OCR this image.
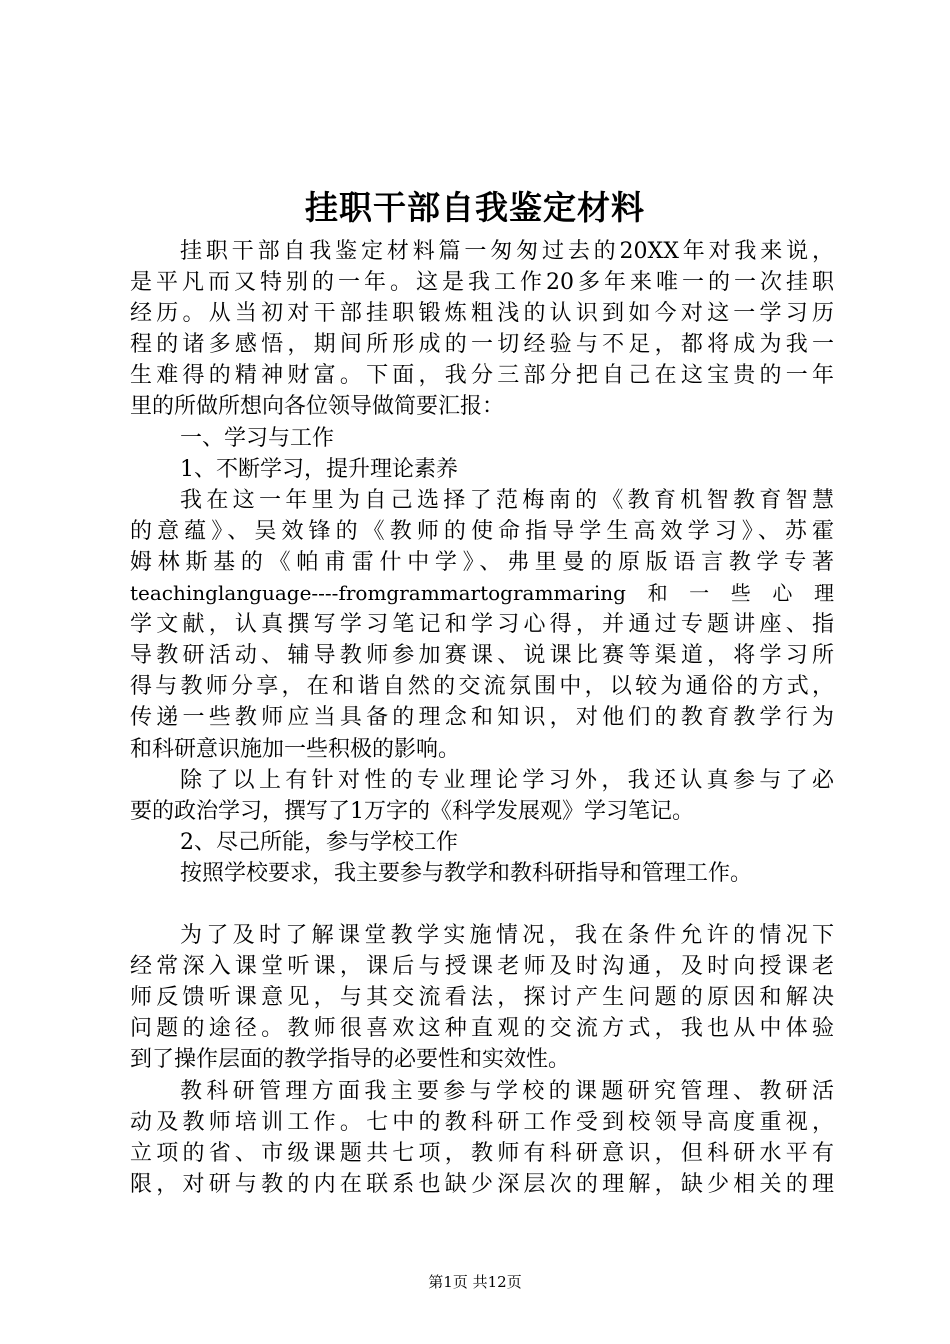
挂职干部自我鉴定材料
挂职干部自我鉴定材料篇一匆匆过去的20XX年对我来说，
是平凡而又特别的一年。这是我工作20多年来唯一的一次挂职
经历。从当初对干部挂职锻炼粗浅的认识到如今对这一学习历
程的诸多感悟，期间所形成的一切经验与不足，都将成为我一
生难得的精神财富。下面，我分三部分把自己在这宝贵的一年
里的所做所想向各位领导做简要汇报：
一、学习与工作
1、不断学习，提升理论素养
我在这一年里为自己选择了范梅南的《教育机智教育智慧
的意蕴》、吴效锋的《教师的使命指导学生高效学习》、苏霍
姆林斯基的《帕甫雷什中学》、弗里曼的原版语言教学专著
teachinglanguage----fromgrammartogrammaring和一些心理
学文献，认真撰写学习笔记和学习心得，并通过专题讲座、指
导教研活动、辅导教师参加赛课、说课比赛等渠道，将学习所
得与教师分享，在和谐自然的交流氛围中，以较为通俗的方式，
传递一些教师应当具备的理念和知识，对他们的教育教学行为
和科研意识施加一些积极的影响。
除了以上有针对性的专业理论学习外，我还认真参与了必
要的政治学习，撰写了1万字的《科学发展观》学习笔记。
2、尽己所能，参与学校工作
按照学校要求，我主要参与教学和教科研指导和管理工作。
为了及时了解课堂教学实施情况，我在条件允许的情况下
经常深入课堂听课，课后与授课老师及时沟通，及时向授课老
师反馈听课意见，与其交流看法，探讨产生问题的原因和解决
问题的途径。教师很喜欢这种直观的交流方式，我也从中体验
到了操作层面的教学指导的必要性和实效性。
教科研管理方面我主要参与学校的课题研究管理、教研活
动及教师培训工作。七中的教科研工作受到校领导高度重视，
立项的省、市级课题共七项，教师有科研意识，但科研水平有
限，对研与教的内在联系也缺少深层次的理解，缺少相关的理
第1页 共12页
